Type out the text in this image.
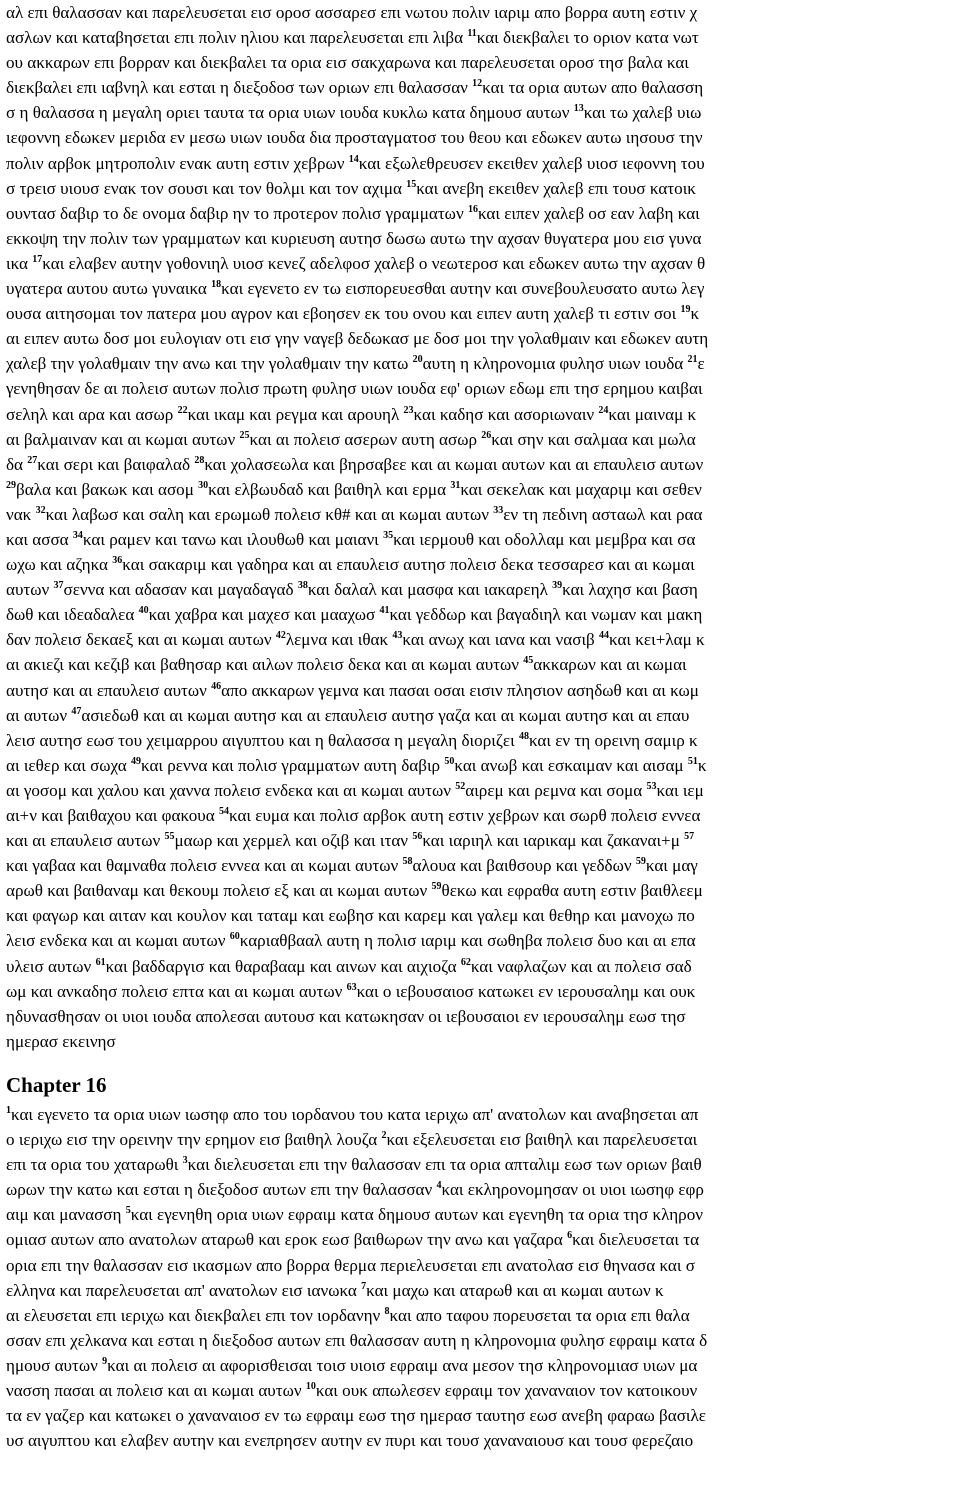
αλ επι θαλασσαν και παρελευσεται εισ οροσ ασσαρεσ επι νωτου πολιν ιαριμ απο βορρα αυτη εστιν χ
ασλων και καταβησεται επι πολιν ηλιου και παρελευσεται επι λιβα $^{11}$και διεκβαλει το οριον κατα νωτ
ου ακκαρων επι βορραν και διεκβαλει τα ορια εισ σακχαρωνα και παρελευσεται οροσ τησ βαλα και
διεκβαλει επι ιαβνηλ και εσται η διεξοδοσ των οριων επι θαλασσαν $^{12}$και τα ορια αυτων απο θαλασση
σ η θαλασσα η μεγαλη οριει ταυτα τα ορια υιων ιουδα κυκλω κατα δημουσ αυτων $^{13}$και τω χαλεβ υιω
ιεφοννη εδωκεν μεριδα εν μεσω υιων ιουδα δια προσταγματοσ του θεου και εδωκεν αυτω ιησουσ την
πολιν αρβοκ μητροπολιν ενακ αυτη εστιν χεβρων $^{14}$και εξωλεθρευσεν εκειθεν χαλεβ υιοσ ιεφοννη του
σ τρεισ υιουσ ενακ τον σουσι και τον θολμι και τον αχιμα $^{15}$και ανεβη εκειθεν χαλεβ επι τουσ κατοικ
ουντασ δαβιρ το δε ονομα δαβιρ ην το προτερον πολισ γραμματων $^{16}$και ειπεν χαλεβ οσ εαν λαβη και
εκκοψη την πολιν των γραμματων και κυριευση αυτησ δωσω αυτω την αχσαν θυγατερα μου εισ γυνα
ικα $^{17}$και ελαβεν αυτην γοθονιηλ υιοσ κενεζ αδελφοσ χαλεβ ο νεωτεροσ και εδωκεν αυτω την αχσαν θ
υγατερα αυτου αυτω γυναικα $^{18}$και εγενετο εν τω εισπορευεσθαι αυτην και συνεβουλευσατο αυτω λεγ
ουσα αιτησομαι τον πατερα μου αγρον και εβοησεν εκ του ονου και ειπεν αυτη χαλεβ τι εστιν σοι $^{19}$κ
αι ειπεν αυτω δοσ μοι ευλογιαν οτι εισ γην ναγεβ δεδωκασ με δοσ μοι την γολαθμαιν και εδωκεν αυτη
χαλεβ την γολαθμαιν την ανω και την γολαθμαιν την κατω $^{20}$αυτη η κληρονομια φυλησ υιων ιουδα $^{21}$ε
γενηθησαν δε αι πολεισ αυτων πολισ πρωτη φυλησ υιων ιουδα εφ' οριων εδωμ επι τησ ερημου καιβαι
σεληλ και αρα και ασωρ $^{22}$και ικαμ και ρεγμα και αρουηλ $^{23}$και καδησ και ασοριωναιν $^{24}$και μαιναμ κ
αι βαλμαιναν και αι κωμαι αυτων $^{25}$και αι πολεισ ασερων αυτη ασωρ $^{26}$και σην και σαλμαα και μωλα
δα $^{27}$και σερι και βαιφαλαδ $^{28}$και χολασεωλα και βηρσαβεε και αι κωμαι αυτων και αι επαυλεισ αυτων
$^{29}$βαλα και βακωκ και ασομ $^{30}$και ελβωυδαδ και βαιθηλ και ερμα $^{31}$και σεκελακ και μαχαριμ και σεθεν
νακ $^{32}$και λαβωσ και σαλη και ερωμωθ πολεισ κθ# και αι κωμαι αυτων $^{33}$εν τη πεδινη ασταωλ και ραα
και ασσα $^{34}$και ραμεν και τανω και ιλουθωθ και μαιανι $^{35}$και ιερμουθ και οδολλαμ και μεμβρα και σα
ωχω και αζηκα $^{36}$και σακαριμ και γαδηρα και αι επαυλεισ αυτησ πολεισ δεκα τεσσαρεσ και αι κωμαι
αυτων $^{37}$σεννα και αδασαν και μαγαδαγαδ $^{38}$και δαλαλ και μασφα και ιακαρεηλ $^{39}$και λαχησ και βαση
δωθ και ιδεαδαλεα $^{40}$και χαβρα και μαχεσ και μααχωσ $^{41}$και γεδδωρ και βαγαδιηλ και νωμαν και μακη
δαν πολεισ δεκαεξ και αι κωμαι αυτων $^{42}$λεμνα και ιθακ $^{43}$και ανωχ και ιανα και νασιβ $^{44}$και κει+λαμ κ
αι ακιεζι και κεζιβ και βαθησαρ και αιλων πολεισ δεκα και αι κωμαι αυτων $^{45}$ακκαρων και αι κωμαι
αυτησ και αι επαυλεισ αυτων $^{46}$απο ακκαρων γεμνα και πασαι οσαι εισιν πλησιον ασηδωθ και αι κωμ
αι αυτων $^{47}$ασιεδωθ και αι κωμαι αυτησ και αι επαυλεισ αυτησ γαζα και αι κωμαι αυτησ και αι επαυ
λεισ αυτησ εωσ του χειμαρρου αιγυπτου και η θαλασσα η μεγαλη διοριζει $^{48}$και εν τη ορεινη σαμιρ κ
αι ιεθερ και σωχα $^{49}$και ρεννα και πολισ γραμματων αυτη δαβιρ $^{50}$και ανωβ και εσκαιμαν και αισαμ $^{51}$κ
αι γοσομ και χαλου και χαννα πολεισ ενδεκα και αι κωμαι αυτων $^{52}$αιρεμ και ρεμνα και σομα $^{53}$και ιεμ
αι+ν και βαιθαχου και φακουα $^{54}$και ευμα και πολισ αρβοκ αυτη εστιν χεβρων και σωρθ πολεισ εννεα
και αι επαυλεισ αυτων $^{55}$μαωρ και χερμελ και οζιβ και ιταν $^{56}$και ιαριηλ και ιαρικαμ και ζακαναι+μ $^{57}$
και γαβαα και θαμναθα πολεισ εννεα και αι κωμαι αυτων $^{58}$αλουα και βαιθσουρ και γεδδων $^{59}$και μαγ
αρωθ και βαιθαναμ και θεκουμ πολεισ εξ και αι κωμαι αυτων $^{59}$θεκω και εφραθα αυτη εστιν βαιθλεεμ
και φαγωρ και αιταν και κουλον και ταταμ και εωβησ και καρεμ και γαλεμ και θεθηρ και μανοχω πο
λεισ ενδεκα και αι κωμαι αυτων $^{60}$καριαθβααλ αυτη η πολισ ιαριμ και σωθηβα πολεισ δυο και αι επα
υλεισ αυτων $^{61}$και βαδδαργισ και θαραβααμ και αινων και αιχιοζα $^{62}$και ναφλαζων και αι πολεισ σαδ
ωμ και ανκαδησ πολεισ επτα και αι κωμαι αυτων $^{63}$και ο ιεβουσαιοσ κατωκει εν ιερουσαλημ και ουκ
ηδυνασθησαν οι υιοι ιουδα απολεσαι αυτουσ και κατωκησαν οι ιεβουσαιοι εν ιερουσαλημ εωσ τησ
ημερασ εκεινησ
Chapter 16
$^1$και εγενετο τα ορια υιων ιωσηφ απο του ιορδανου του κατα ιεριχω απ' ανατολων και αναβησεται απ
ο ιεριχω εισ την ορεινην την ερημον εισ βαιθηλ λουζα $^2$και εξελευσεται εισ βαιθηλ και παρελευσεται
επι τα ορια του χαταρωθι $^3$και διελευσεται επι την θαλασσαν επι τα ορια απταλιμ εωσ των οριων βαιθ
ωρων την κατω και εσται η διεξοδοσ αυτων επι την θαλασσαν $^4$και εκληρονομησαν οι υιοι ιωσηφ εφρ
αιμ και μανασση $^5$και εγενηθη ορια υιων εφραιμ κατα δημουσ αυτων και εγενηθη τα ορια τησ κληρον
ομιασ αυτων απο ανατολων αταρωθ και εροκ εωσ βαιθωρων την ανω και γαζαρα $^6$και διελευσεται τα
ορια επι την θαλασσαν εισ ικασμων απο βορρα θερμα περιελευσεται επι ανατολασ εισ θηνασα και σ
ελληνα και παρελευσεται απ' ανατολων εισ ιανωκα $^7$και μαχω και αταρωθ και αι κωμαι αυτων κ
αι ελευσεται επι ιεριχω και διεκβαλει επι τον ιορδανην $^8$και απο ταφου πορευσεται τα ορια επι θαλα
σσαν επι χελκανα και εσται η διεξοδοσ αυτων επι θαλασσαν αυτη η κληρονομια φυλησ εφραιμ κατα δ
ημουσ αυτων $^9$και αι πολεισ αι αφορισθεισαι τοισ υιοισ εφραιμ ανα μεσον τησ κληρονομιασ υιων μα
νασση πασαι αι πολεισ και αι κωμαι αυτων $^{10}$και ουκ απωλεσεν εφραιμ τον χαναναιον τον κατοικουν
τα εν γαζερ και κατωκει ο χαναναιοσ εν τω εφραιμ εωσ τησ ημερασ ταυτησ εωσ ανεβη φαραω βασιλε
υσ αιγυπτου και ελαβεν αυτην και ενεπρησεν αυτην εν πυρι και τουσ χαναναιουσ και τουσ φερεζαιο
